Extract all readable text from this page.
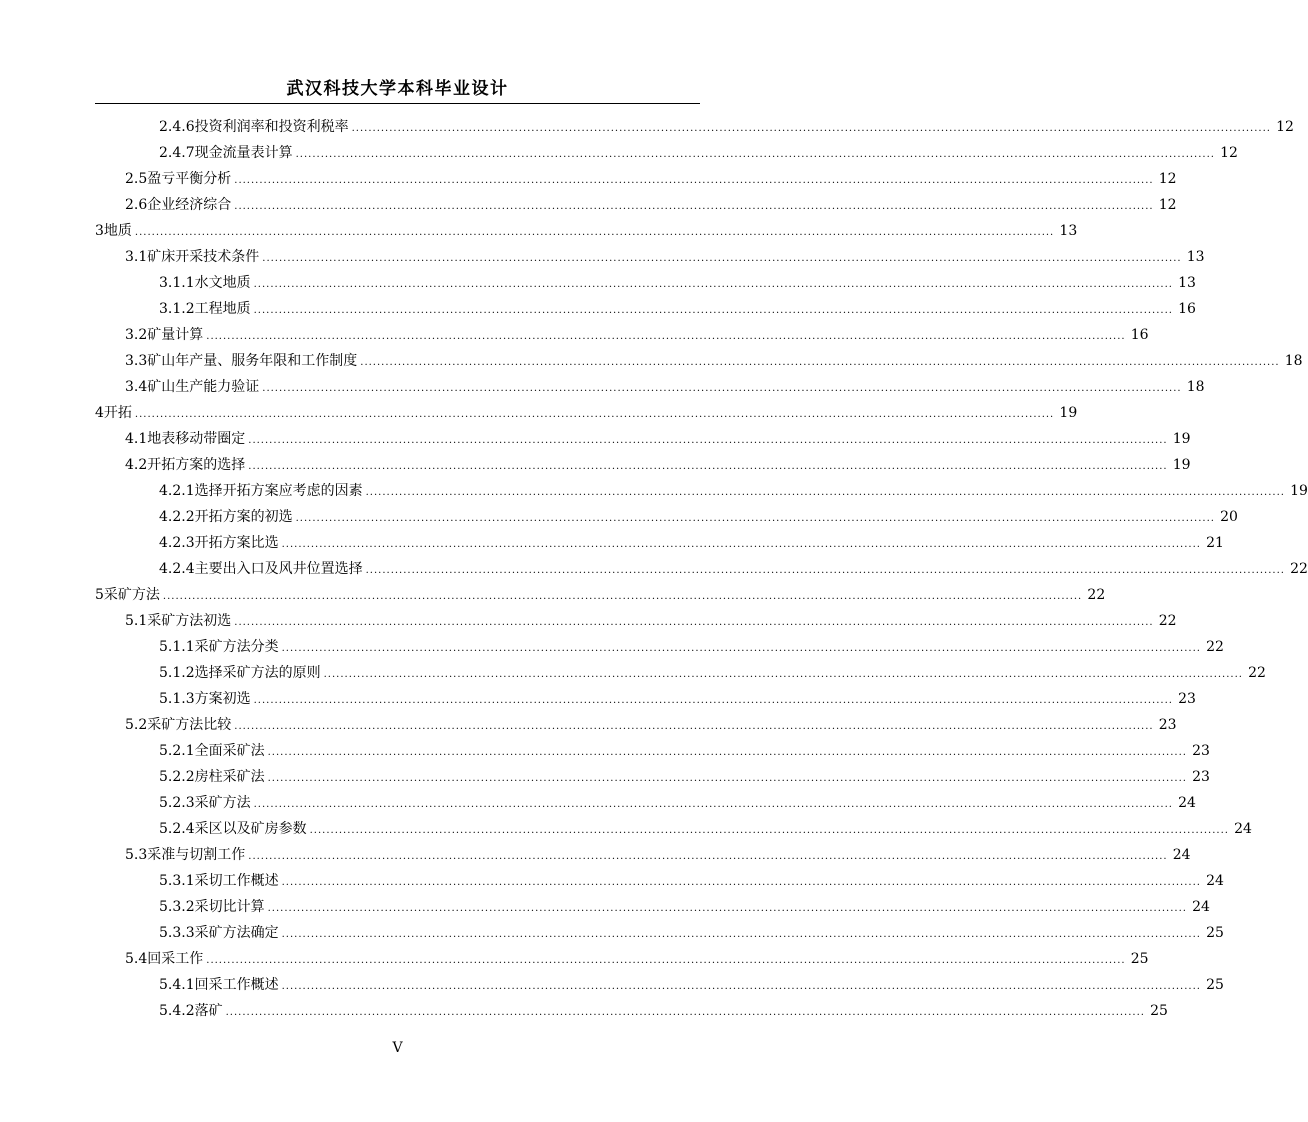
武汉科技大学本科毕业设计
2.4.6 投资利润率和投资利税率 ............................................................................................................................................................................................................................ 12
2.4.7 现金流量表计算 ............................................................................................................................................................................................................................ 12
2.5 盈亏平衡分析 ............................................................................................................................................................................................................................ 12
2.6 企业经济综合 ............................................................................................................................................................................................................................ 12
3 地质 ............................................................................................................................................................................................................................ 13
3.1 矿床开采技术条件 ............................................................................................................................................................................................................................ 13
3.1.1 水文地质 ............................................................................................................................................................................................................................ 13
3.1.2 工程地质 ............................................................................................................................................................................................................................ 16
3.2 矿量计算 ............................................................................................................................................................................................................................ 16
3.3 矿山年产量、服务年限和工作制度 ............................................................................................................................................................................................................................ 18
3.4 矿山生产能力验证 ............................................................................................................................................................................................................................ 18
4 开拓 ............................................................................................................................................................................................................................ 19
4.1 地表移动带圈定 ............................................................................................................................................................................................................................ 19
4.2 开拓方案的选择 ............................................................................................................................................................................................................................ 19
4.2.1 选择开拓方案应考虑的因素 ............................................................................................................................................................................................................................ 19
4.2.2 开拓方案的初选 ............................................................................................................................................................................................................................ 20
4.2.3 开拓方案比选 ............................................................................................................................................................................................................................ 21
4.2.4 主要出入口及风井位置选择 ............................................................................................................................................................................................................................ 22
5 采矿方法 ............................................................................................................................................................................................................................ 22
5.1 采矿方法初选 ............................................................................................................................................................................................................................ 22
5.1.1 采矿方法分类 ............................................................................................................................................................................................................................ 22
5.1.2 选择采矿方法的原则 ............................................................................................................................................................................................................................ 22
5.1.3 方案初选 ............................................................................................................................................................................................................................ 23
5.2 采矿方法比较 ............................................................................................................................................................................................................................ 23
5.2.1 全面采矿法 ............................................................................................................................................................................................................................ 23
5.2.2 房柱采矿法 ............................................................................................................................................................................................................................ 23
5.2.3 采矿方法 ............................................................................................................................................................................................................................ 24
5.2.4 采区以及矿房参数 ............................................................................................................................................................................................................................ 24
5.3 采准与切割工作 ............................................................................................................................................................................................................................ 24
5.3.1 采切工作概述 ............................................................................................................................................................................................................................ 24
5.3.2 采切比计算 ............................................................................................................................................................................................................................ 24
5.3.3 采矿方法确定 ............................................................................................................................................................................................................................ 25
5.4 回采工作 ............................................................................................................................................................................................................................ 25
5.4.1 回采工作概述 ............................................................................................................................................................................................................................ 25
5.4.2 落矿 ............................................................................................................................................................................................................................ 25
V
